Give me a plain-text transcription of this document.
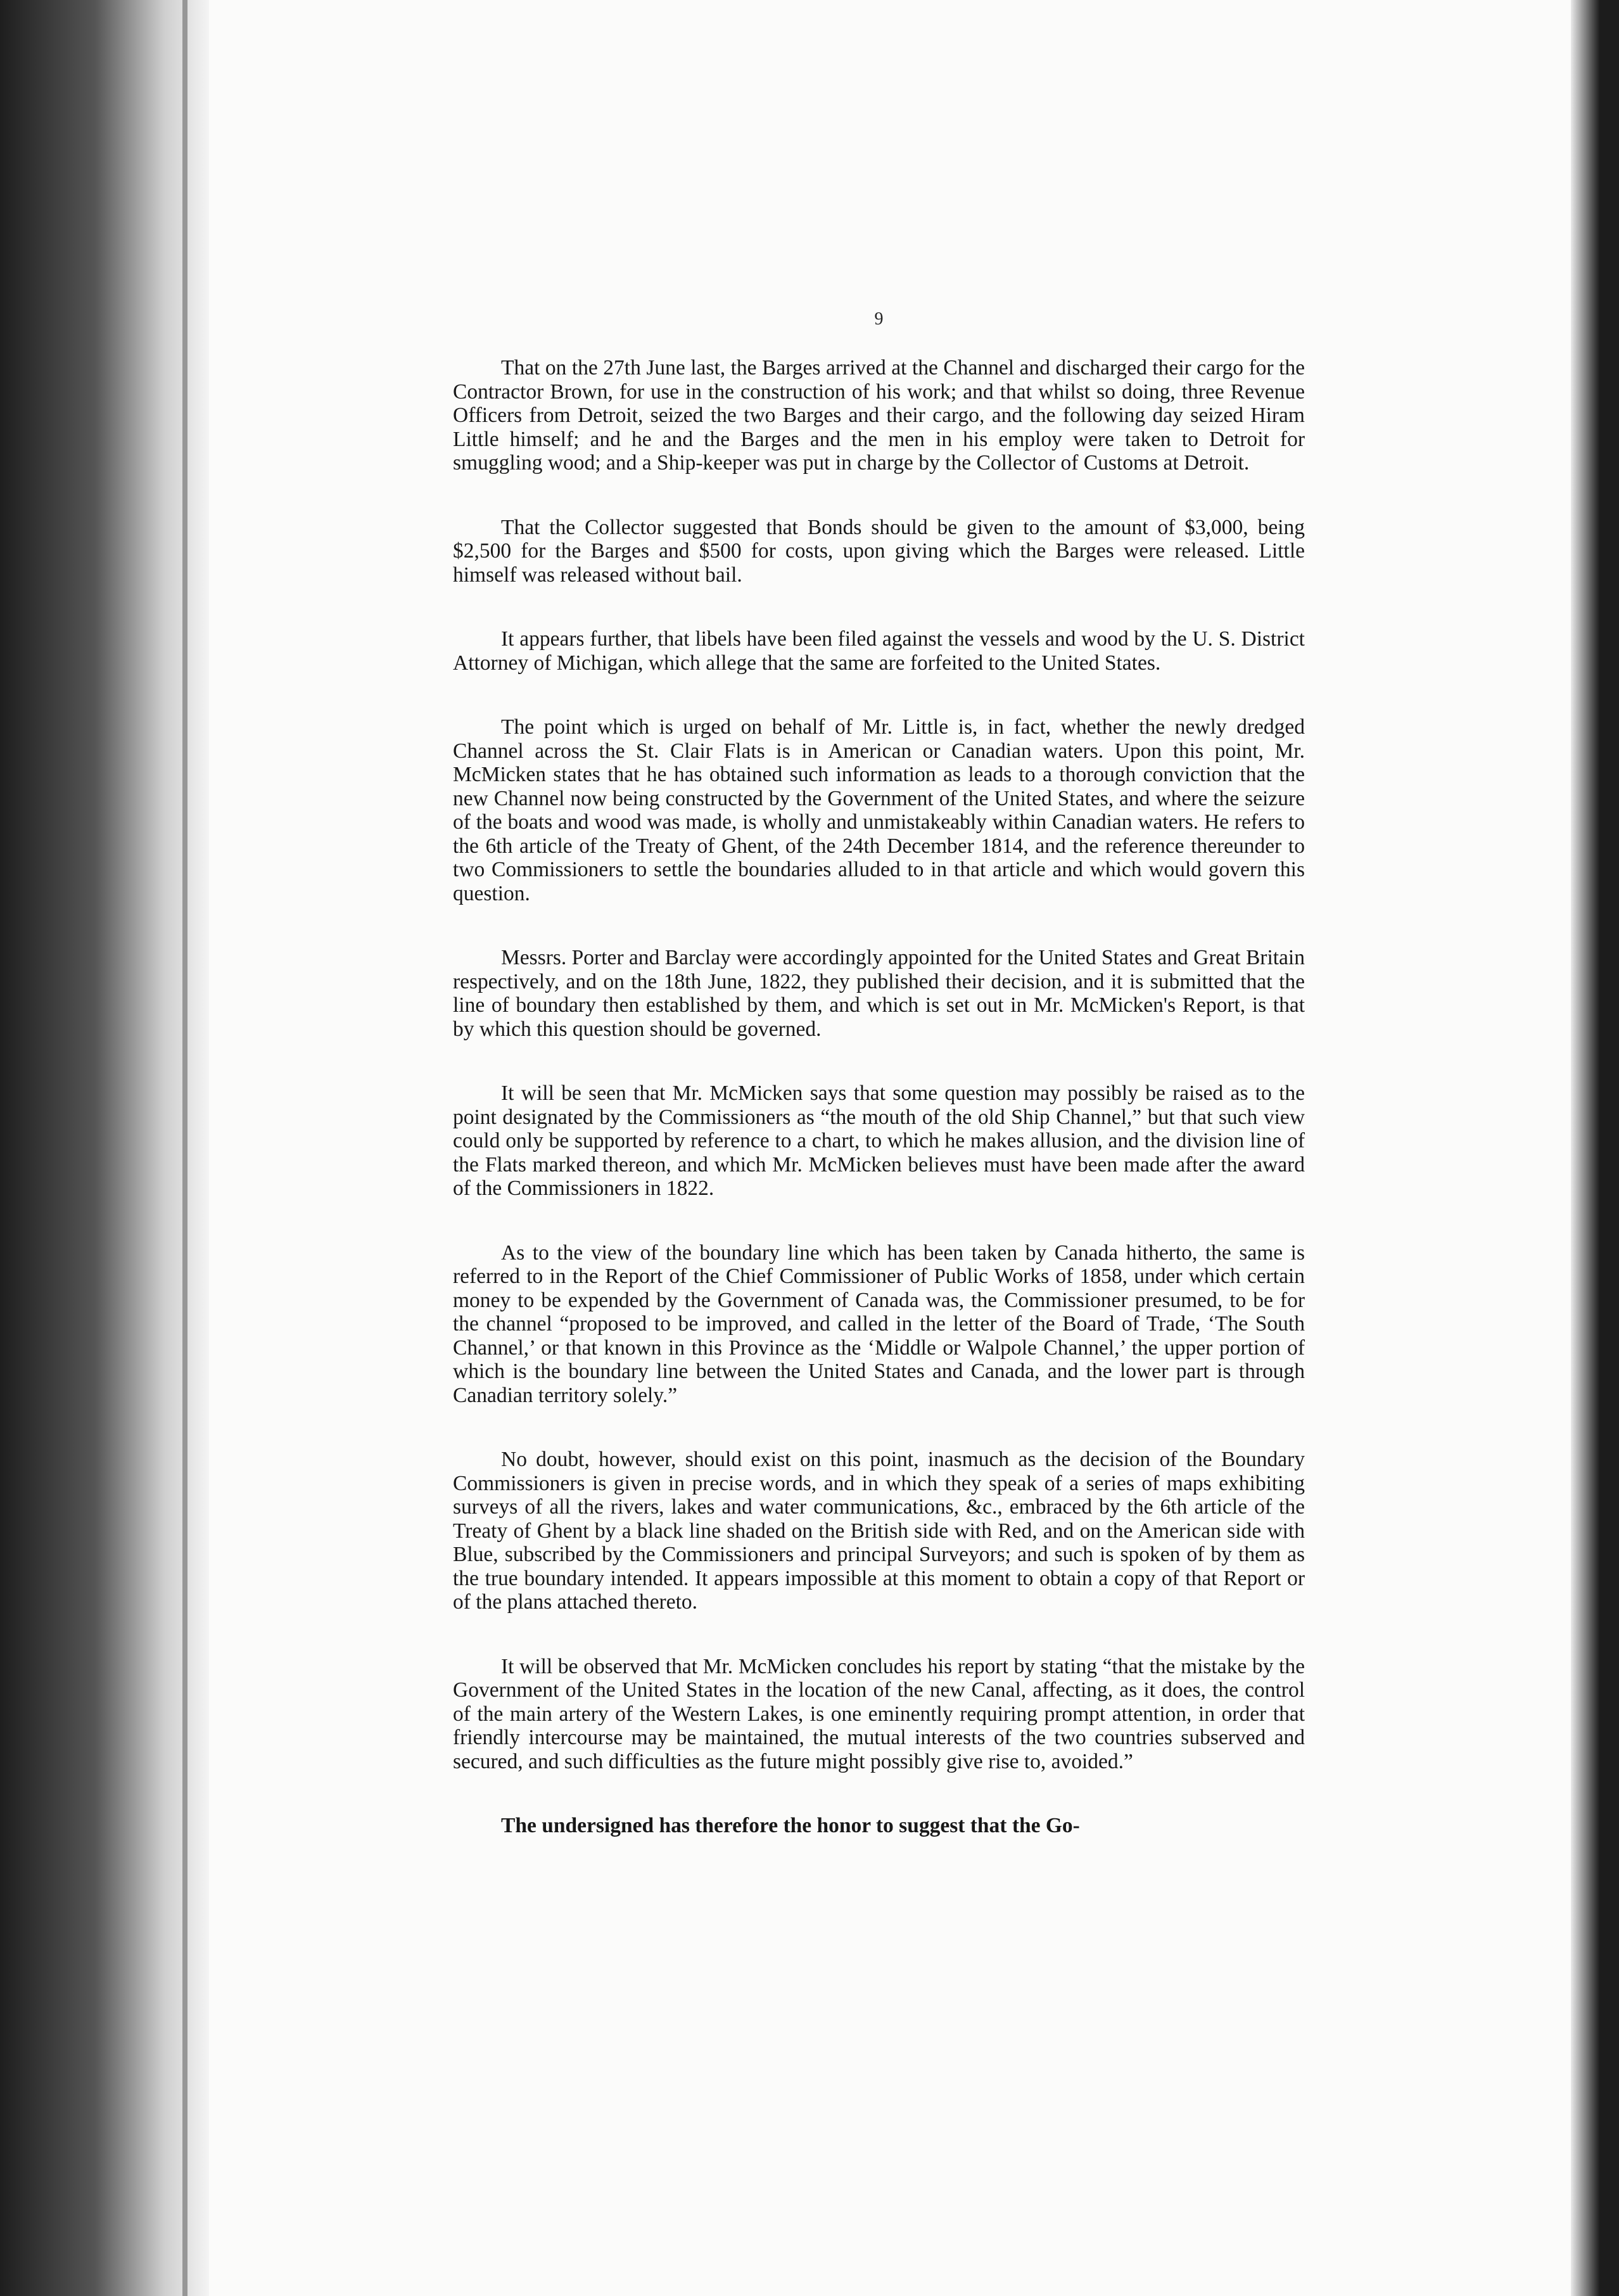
9

That on the 27th June last, the Barges arrived at the Channel and discharged their cargo for the Contractor Brown, for use in the construction of his work; and that whilst so doing, three Revenue Officers from Detroit, seized the two Barges and their cargo, and the following day seized Hiram Little himself; and he and the Barges and the men in his employ were taken to Detroit for smuggling wood; and a Ship-keeper was put in charge by the Collector of Customs at Detroit.

That the Collector suggested that Bonds should be given to the amount of $3,000, being $2,500 for the Barges and $500 for costs, upon giving which the Barges were released. Little himself was released without bail.

It appears further, that libels have been filed against the vessels and wood by the U. S. District Attorney of Michigan, which allege that the same are forfeited to the United States.

The point which is urged on behalf of Mr. Little is, in fact, whether the newly dredged Channel across the St. Clair Flats is in American or Canadian waters. Upon this point, Mr. McMicken states that he has obtained such information as leads to a thorough conviction that the new Channel now being constructed by the Government of the United States, and where the seizure of the boats and wood was made, is wholly and unmistakeably within Canadian waters. He refers to the 6th article of the Treaty of Ghent, of the 24th December 1814, and the reference thereunder to two Commissioners to settle the boundaries alluded to in that article and which would govern this question.

Messrs. Porter and Barclay were accordingly appointed for the United States and Great Britain respectively, and on the 18th June, 1822, they published their decision, and it is submitted that the line of boundary then established by them, and which is set out in Mr. McMicken's Report, is that by which this question should be governed.

It will be seen that Mr. McMicken says that some question may possibly be raised as to the point designated by the Commissioners as “the mouth of the old Ship Channel,” but that such view could only be supported by reference to a chart, to which he makes allusion, and the division line of the Flats marked thereon, and which Mr. McMicken believes must have been made after the award of the Commissioners in 1822.

As to the view of the boundary line which has been taken by Canada hitherto, the same is referred to in the Report of the Chief Commissioner of Public Works of 1858, under which certain money to be expended by the Government of Canada was, the Commissioner presumed, to be for the channel “proposed to be improved, and called in the letter of the Board of Trade, ‘The South Channel,’ or that known in this Province as the ‘Middle or Walpole Channel,’ the upper portion of which is the boundary line between the United States and Canada, and the lower part is through Canadian territory solely.”

No doubt, however, should exist on this point, inasmuch as the decision of the Boundary Commissioners is given in precise words, and in which they speak of a series of maps exhibiting surveys of all the rivers, lakes and water communications, &c., embraced by the 6th article of the Treaty of Ghent by a black line shaded on the British side with Red, and on the American side with Blue, subscribed by the Commissioners and principal Surveyors; and such is spoken of by them as the true boundary intended. It appears impossible at this moment to obtain a copy of that Report or of the plans attached thereto.

It will be observed that Mr. McMicken concludes his report by stating “that the mistake by the Government of the United States in the location of the new Canal, affecting, as it does, the control of the main artery of the Western Lakes, is one eminently requiring prompt attention, in order that friendly intercourse may be maintained, the mutual interests of the two countries subserved and secured, and such difficulties as the future might possibly give rise to, avoided.”

The undersigned has therefore the honor to suggest that the Go-
